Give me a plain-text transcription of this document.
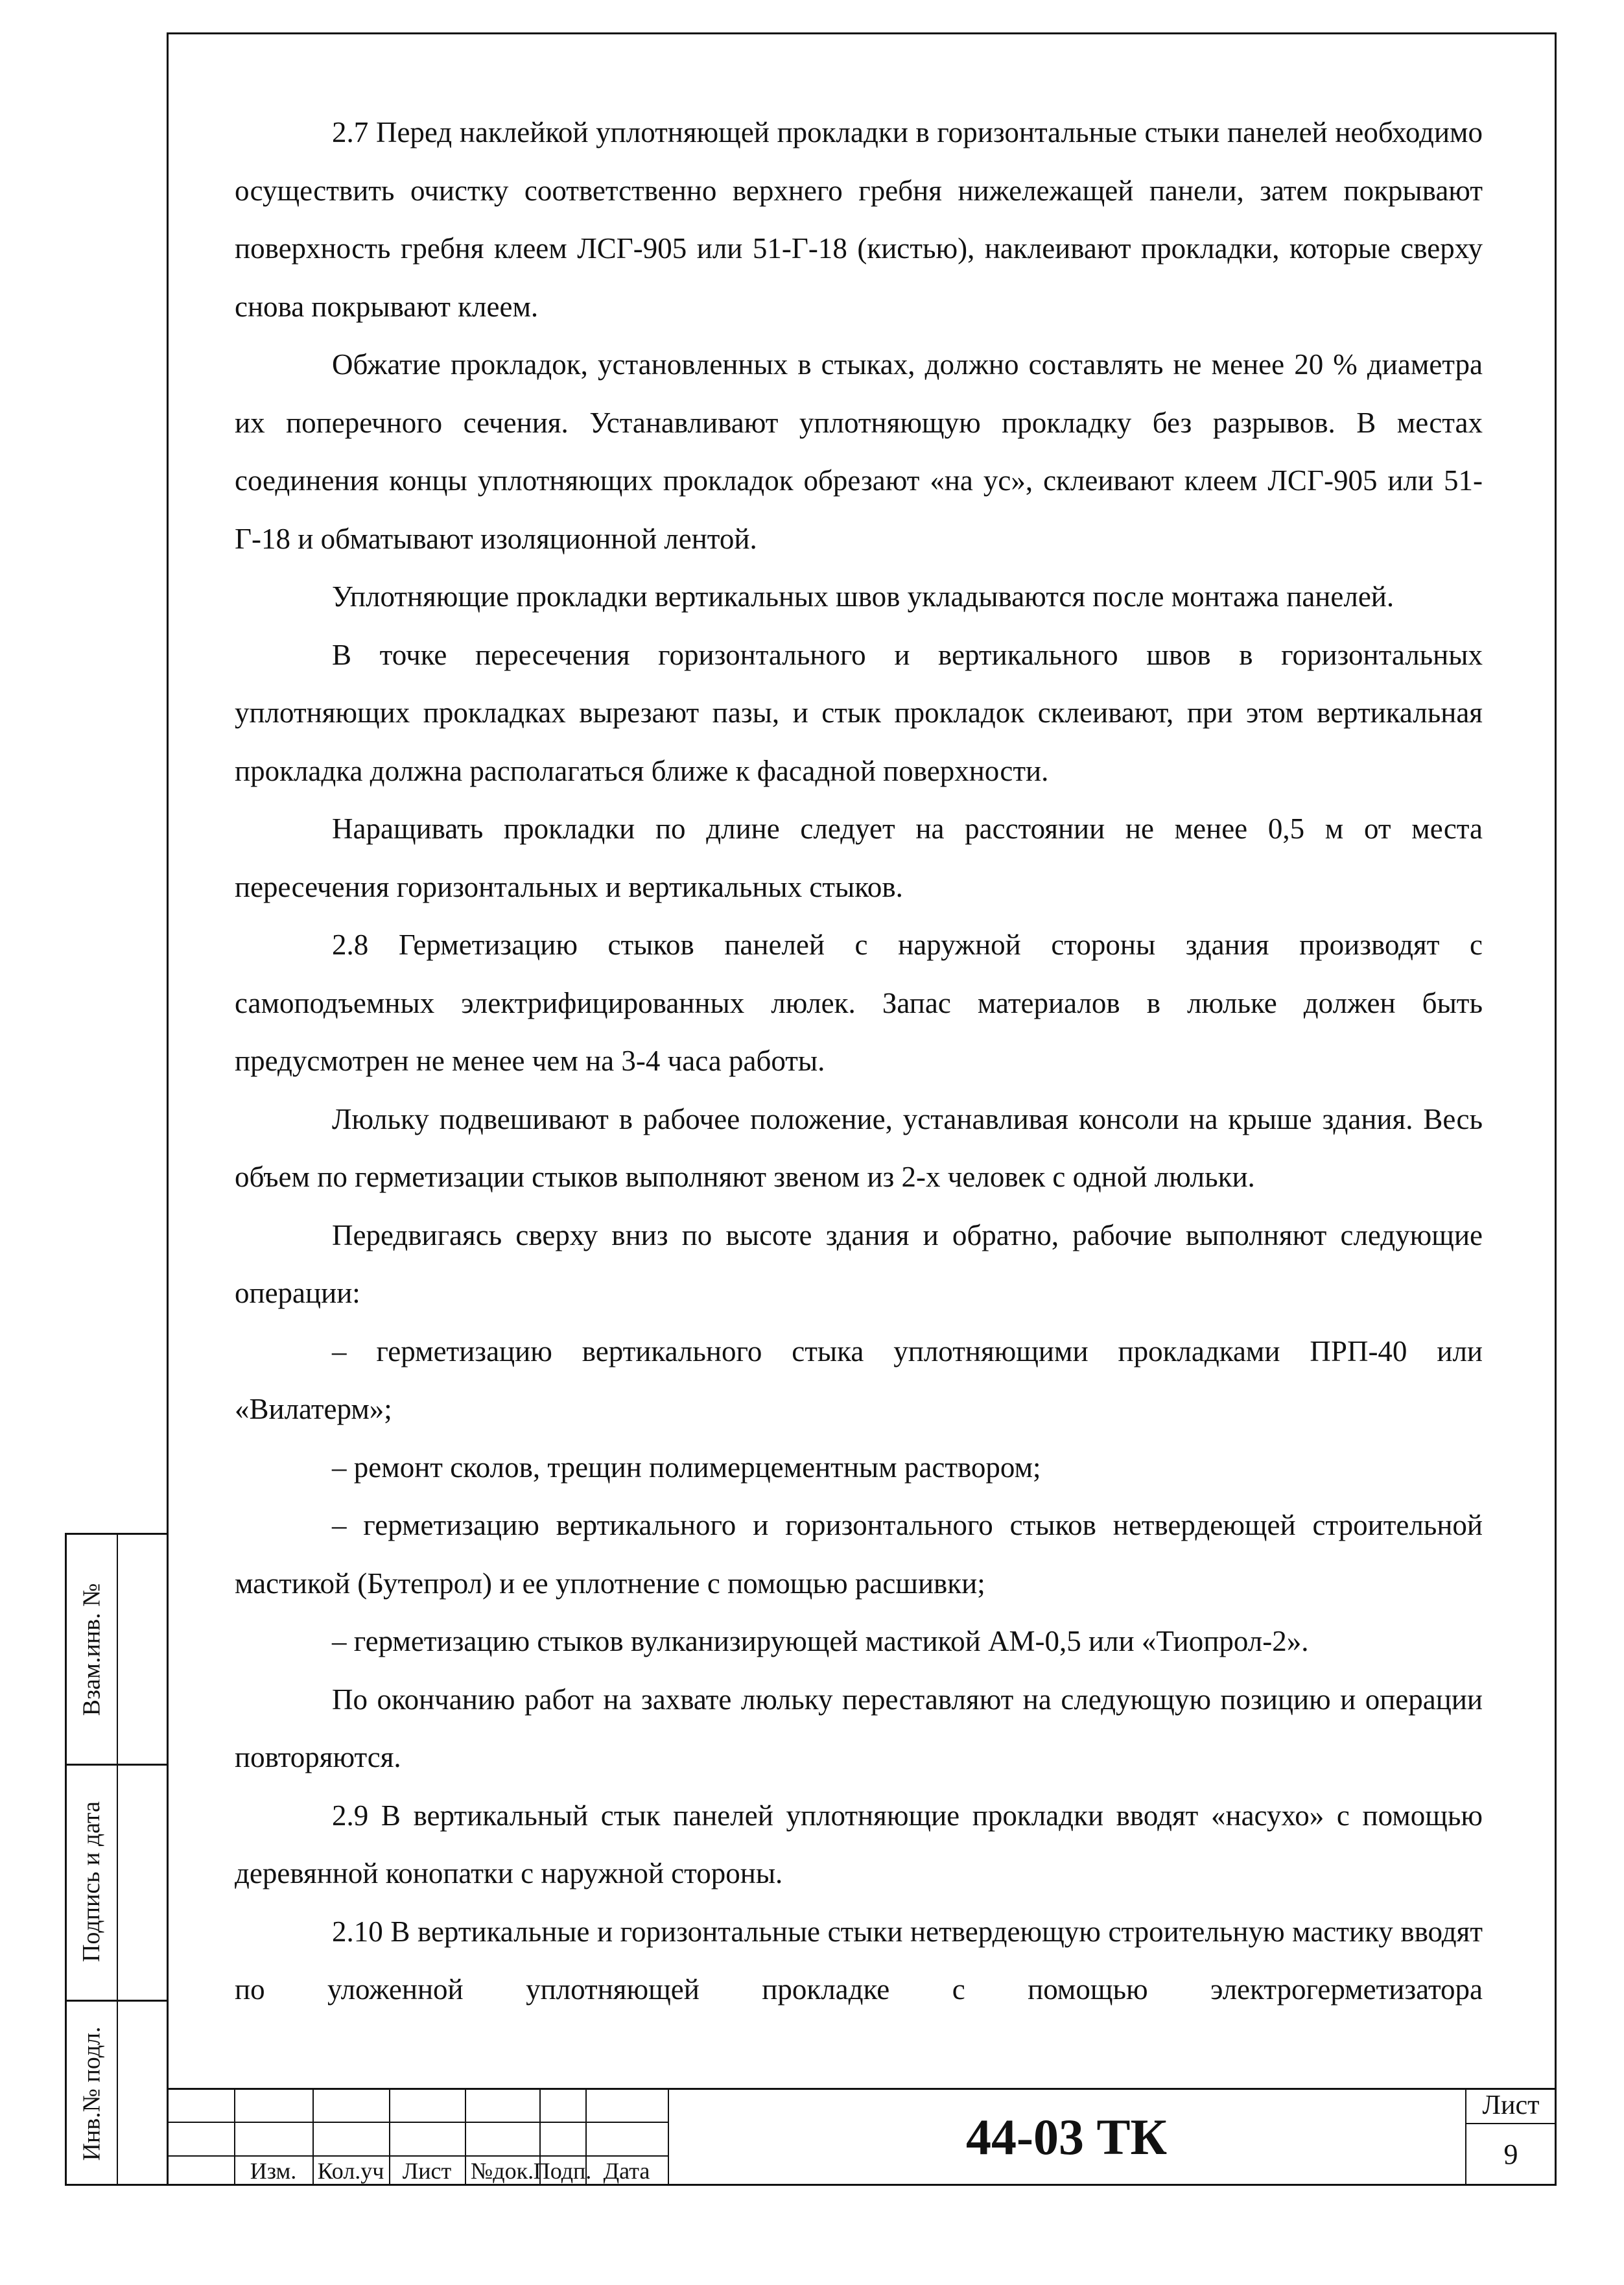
2.7 Перед наклейкой уплотняющей прокладки в горизонтальные стыки панелей необходимо осуществить очистку соответственно верхнего гребня нижележащей панели, затем покрывают поверхность гребня клеем ЛСГ-905 или 51-Г-18 (кистью), наклеивают прокладки, которые сверху снова покрывают клеем.

Обжатие прокладок, установленных в стыках, должно составлять не менее 20 % диаметра их поперечного сечения. Устанавливают уплотняющую прокладку без разрывов. В местах соединения концы уплотняющих прокладок обрезают «на ус», склеивают клеем ЛСГ-905 или 51-Г-18 и обматывают изоляционной лентой.

Уплотняющие прокладки вертикальных швов укладываются после монтажа панелей.

В точке пересечения горизонтального и вертикального швов в горизонтальных уплотняющих прокладках вырезают пазы, и стык прокладок склеивают, при этом вертикальная прокладка должна располагаться ближе к фасадной поверхности.

Наращивать прокладки по длине следует на расстоянии не менее 0,5 м от места пересечения горизонтальных и вертикальных стыков.

2.8 Герметизацию стыков панелей с наружной стороны здания производят с самоподъемных электрифицированных люлек. Запас материалов в люльке должен быть предусмотрен не менее чем на 3-4 часа работы.

Люльку подвешивают в рабочее положение, устанавливая консоли на крыше здания. Весь объем по герметизации стыков выполняют звеном из 2-х человек с одной люльки.

Передвигаясь сверху вниз по высоте здания и обратно, рабочие выполняют следующие операции:

– герметизацию вертикального стыка уплотняющими прокладками ПРП-40 или «Вилатерм»;

– ремонт сколов, трещин полимерцементным раствором;

– герметизацию вертикального и горизонтального стыков нетвердеющей строительной мастикой (Бутепрол) и ее уплотнение с помощью расшивки;

– герметизацию стыков вулканизирующей мастикой АМ-0,5 или «Тиопрол-2».

По окончанию работ на захвате люльку переставляют на следующую позицию и операции повторяются.

2.9 В вертикальный стык панелей уплотняющие прокладки вводят «насухо» с помощью деревянной конопатки с наружной стороны.

2.10 В вертикальные и горизонтальные стыки нетвердеющую строительную мастику вводят по уложенной уплотняющей прокладке с помощью электрогерметизатора

Взам.инв. №
Подпись и дата
Инв.№ подл.
Изм. Кол.уч Лист №док. Подп. Дата
44-03 ТК
Лист
9
